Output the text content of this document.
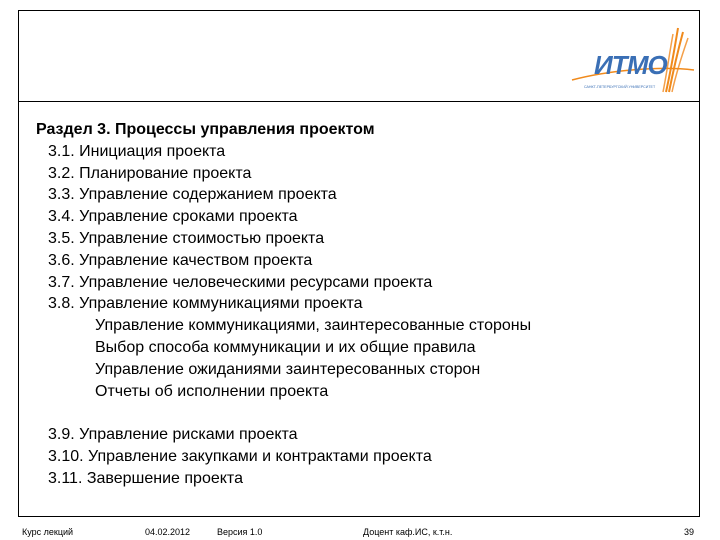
ИТМО
САНКТ-ПЕТЕРБУРГСКИЙ УНИВЕРСИТЕТ
Раздел 3. Процессы управления проектом
3.1. Инициация проекта
3.2. Планирование проекта
3.3. Управление содержанием проекта
3.4. Управление сроками проекта
3.5. Управление стоимостью проекта
3.6. Управление качеством проекта
3.7. Управление человеческими ресурсами проекта
3.8. Управление коммуникациями проекта
Управление коммуникациями, заинтересованные стороны
Выбор способа коммуникации и их общие правила
Управление ожиданиями заинтересованных сторон
Отчеты об исполнении проекта
3.9. Управление рисками проекта
3.10. Управление закупками и контрактами проекта
3.11. Завершение проекта
Курс лекций	04.02.2012	Версия 1.0	Доцент каф.ИС, к.т.н.	39
